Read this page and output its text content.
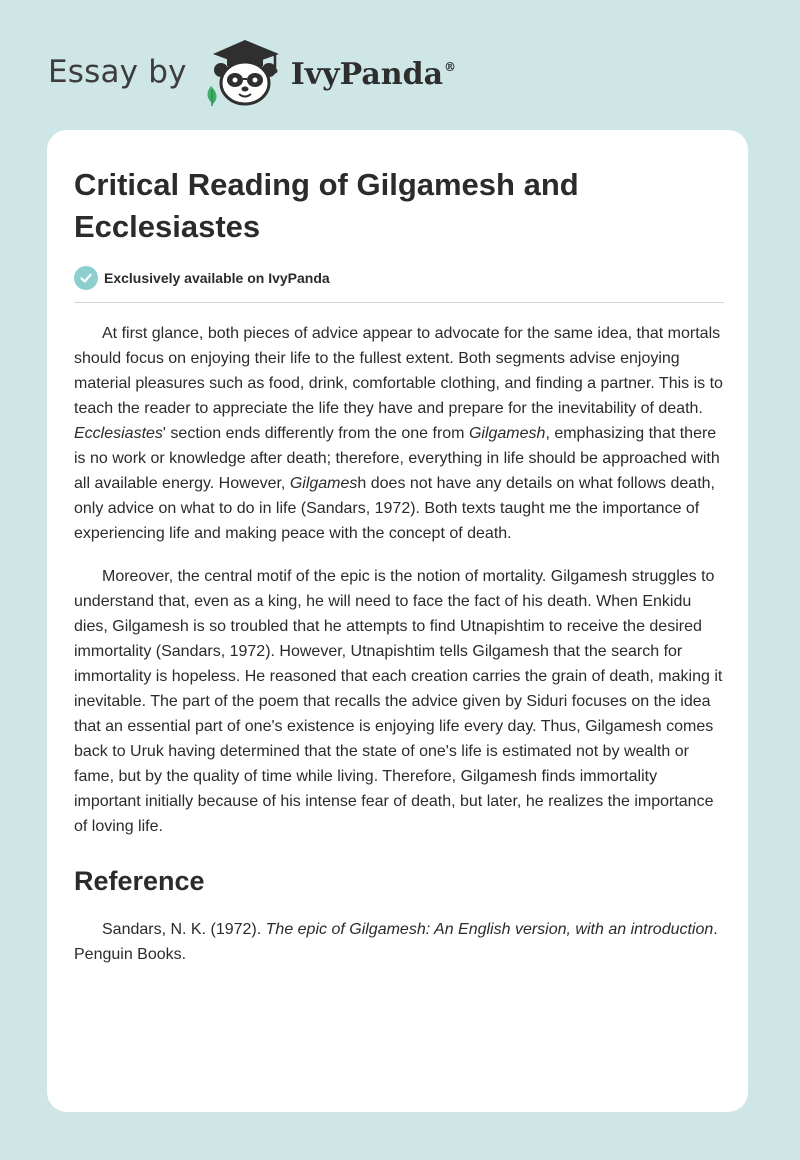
Essay by	IvyPanda®
Critical Reading of Gilgamesh and Ecclesiastes
Exclusively available on IvyPanda

At first glance, both pieces of advice appear to advocate for the same idea, that mortals should focus on enjoying their life to the fullest extent. Both segments advise enjoying material pleasures such as food, drink, comfortable clothing, and finding a partner. This is to teach the reader to appreciate the life they have and prepare for the inevitability of death. Ecclesiastes' section ends differently from the one from Gilgamesh, emphasizing that there is no work or knowledge after death; therefore, everything in life should be approached with all available energy. However, Gilgamesh does not have any details on what follows death, only advice on what to do in life (Sandars, 1972). Both texts taught me the importance of experiencing life and making peace with the concept of death.

Moreover, the central motif of the epic is the notion of mortality. Gilgamesh struggles to understand that, even as a king, he will need to face the fact of his death. When Enkidu dies, Gilgamesh is so troubled that he attempts to find Utnapishtim to receive the desired immortality (Sandars, 1972). However, Utnapishtim tells Gilgamesh that the search for immortality is hopeless. He reasoned that each creation carries the grain of death, making it inevitable. The part of the poem that recalls the advice given by Siduri focuses on the idea that an essential part of one's existence is enjoying life every day. Thus, Gilgamesh comes back to Uruk having determined that the state of one's life is estimated not by wealth or fame, but by the quality of time while living. Therefore, Gilgamesh finds immortality important initially because of his intense fear of death, but later, he realizes the importance of loving life.

Reference

Sandars, N. K. (1972). The epic of Gilgamesh: An English version, with an introduction. Penguin Books.
